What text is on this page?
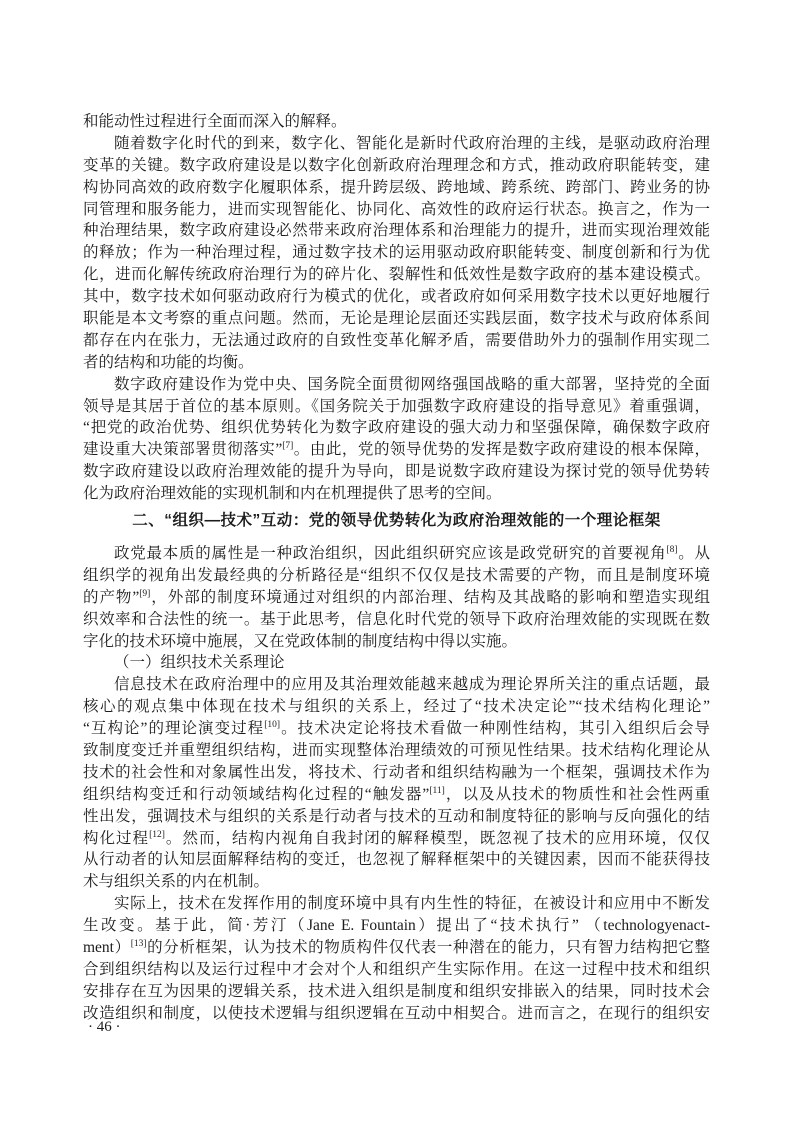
和能动性过程进行全面而深入的解释。
随着数字化时代的到来，数字化、智能化是新时代政府治理的主线，是驱动政府治理
变革的关键。数字政府建设是以数字化创新政府治理理念和方式，推动政府职能转变，建
构协同高效的政府数字化履职体系，提升跨层级、跨地域、跨系统、跨部门、跨业务的协
同管理和服务能力，进而实现智能化、协同化、高效性的政府运行状态。换言之，作为一
种治理结果，数字政府建设必然带来政府治理体系和治理能力的提升，进而实现治理效能
的释放；作为一种治理过程，通过数字技术的运用驱动政府职能转变、制度创新和行为优
化，进而化解传统政府治理行为的碎片化、裂解性和低效性是数字政府的基本建设模式。
其中，数字技术如何驱动政府行为模式的优化，或者政府如何采用数字技术以更好地履行
职能是本文考察的重点问题。然而，无论是理论层面还实践层面，数字技术与政府体系间
都存在内在张力，无法通过政府的自致性变革化解矛盾，需要借助外力的强制作用实现二
者的结构和功能的均衡。
数字政府建设作为党中央、国务院全面贯彻网络强国战略的重大部署，坚持党的全面
领导是其居于首位的基本原则。《国务院关于加强数字政府建设的指导意见》着重强调，
“把党的政治优势、组织优势转化为数字政府建设的强大动力和坚强保障，确保数字政府
建设重大决策部署贯彻落实”[7]。由此，党的领导优势的发挥是数字政府建设的根本保障，
数字政府建设以政府治理效能的提升为导向，即是说数字政府建设为探讨党的领导优势转
化为政府治理效能的实现机制和内在机理提供了思考的空间。
二、“组织—技术”互动：党的领导优势转化为政府治理效能的一个理论框架
政党最本质的属性是一种政治组织，因此组织研究应该是政党研究的首要视角[8]。从
组织学的视角出发最经典的分析路径是“组织不仅仅是技术需要的产物，而且是制度环境
的产物”[9]，外部的制度环境通过对组织的内部治理、结构及其战略的影响和塑造实现组
织效率和合法性的统一。基于此思考，信息化时代党的领导下政府治理效能的实现既在数
字化的技术环境中施展，又在党政体制的制度结构中得以实施。
（一）组织技术关系理论
信息技术在政府治理中的应用及其治理效能越来越成为理论界所关注的重点话题，最
核心的观点集中体现在技术与组织的关系上，经过了“技术决定论”“技术结构化理论”
“互构论”的理论演变过程[10]。技术决定论将技术看做一种刚性结构，其引入组织后会导
致制度变迁并重塑组织结构，进而实现整体治理绩效的可预见性结果。技术结构化理论从
技术的社会性和对象属性出发，将技术、行动者和组织结构融为一个框架，强调技术作为
组织结构变迁和行动领域结构化过程的“触发器”[11]，以及从技术的物质性和社会性两重
性出发，强调技术与组织的关系是行动者与技术的互动和制度特征的影响与反向强化的结
构化过程[12]。然而，结构内视角自我封闭的解释模型，既忽视了技术的应用环境，仅仅
从行动者的认知层面解释结构的变迁，也忽视了解释框架中的关键因素，因而不能获得技
术与组织关系的内在机制。
实际上，技术在发挥作用的制度环境中具有内生性的特征，在被设计和应用中不断发
生改变。基于此，简·芳汀（Jane E. Fountain）提出了“技术执行” （technologyenact-
ment）[13]的分析框架，认为技术的物质构件仅代表一种潜在的能力，只有智力结构把它整
合到组织结构以及运行过程中才会对个人和组织产生实际作用。在这一过程中技术和组织
安排存在互为因果的逻辑关系，技术进入组织是制度和组织安排嵌入的结果，同时技术会
改造组织和制度，以使技术逻辑与组织逻辑在互动中相契合。进而言之，在现行的组织安
· 46 ·
